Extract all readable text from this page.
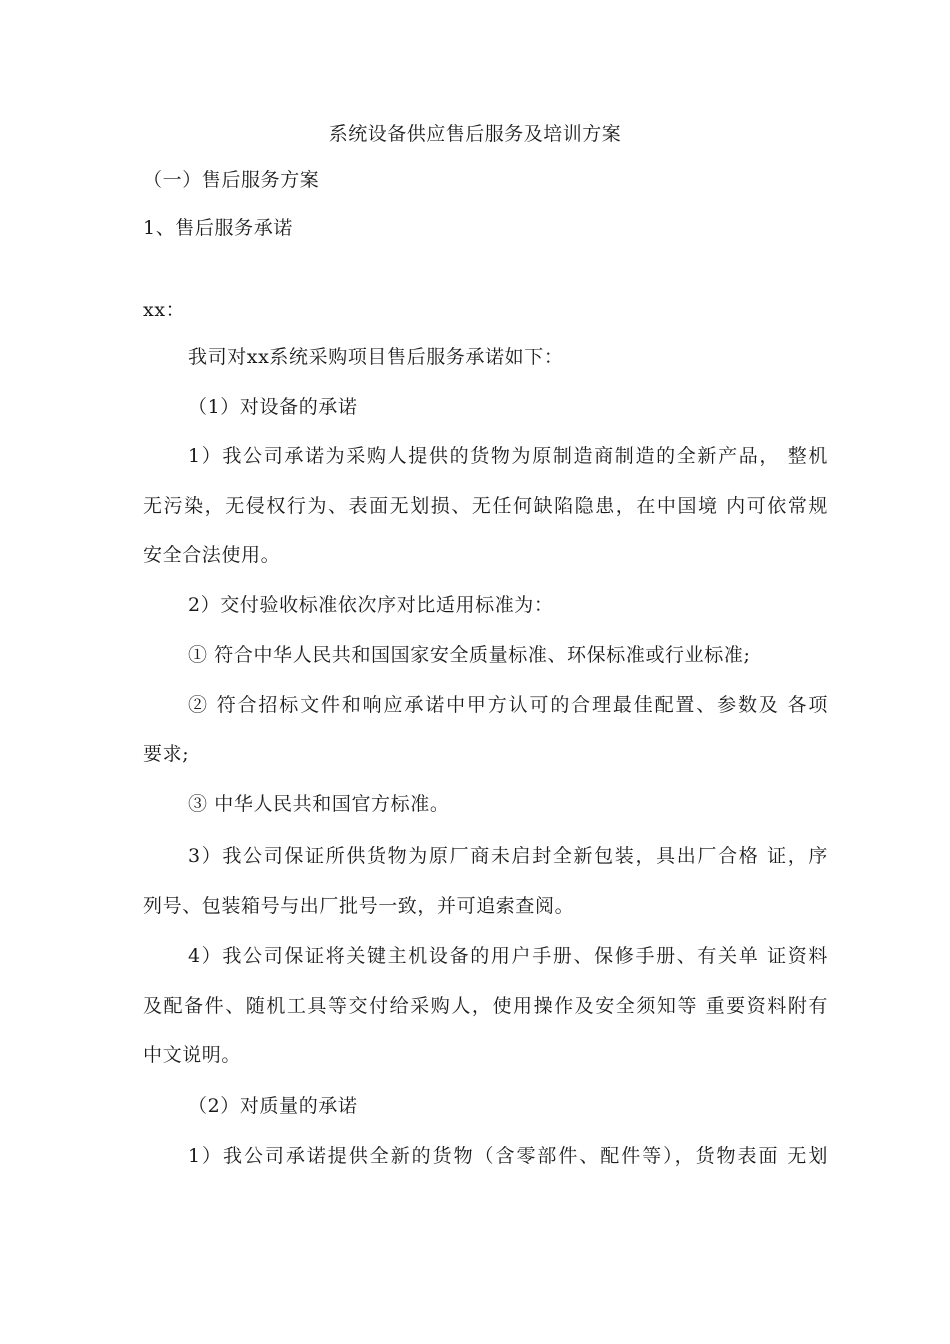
系统设备供应售后服务及培训方案
（一）售后服务方案
1、售后服务承诺
xx：
我司对xx系统采购项目售后服务承诺如下：
（1）对设备的承诺
1）我公司承诺为采购人提供的货物为原制造商制造的全新产品， 整机
无污染，无侵权行为、表面无划损、无任何缺陷隐患，在中国境 内可依常规
安全合法使用。
2）交付验收标准依次序对比适用标准为：
① 符合中华人民共和国国家安全质量标准、环保标准或行业标准;
② 符合招标文件和响应承诺中甲方认可的合理最佳配置、参数及 各项
要求;
③ 中华人民共和国官方标准。
3）我公司保证所供货物为原厂商未启封全新包装，具出厂合格 证，序
列号、包装箱号与出厂批号一致，并可追索查阅。
4）我公司保证将关键主机设备的用户手册、保修手册、有关单 证资料
及配备件、随机工具等交付给采购人，使用操作及安全须知等 重要资料附有
中文说明。
（2）对质量的承诺
1）我公司承诺提供全新的货物（含零部件、配件等），货物表面 无划
